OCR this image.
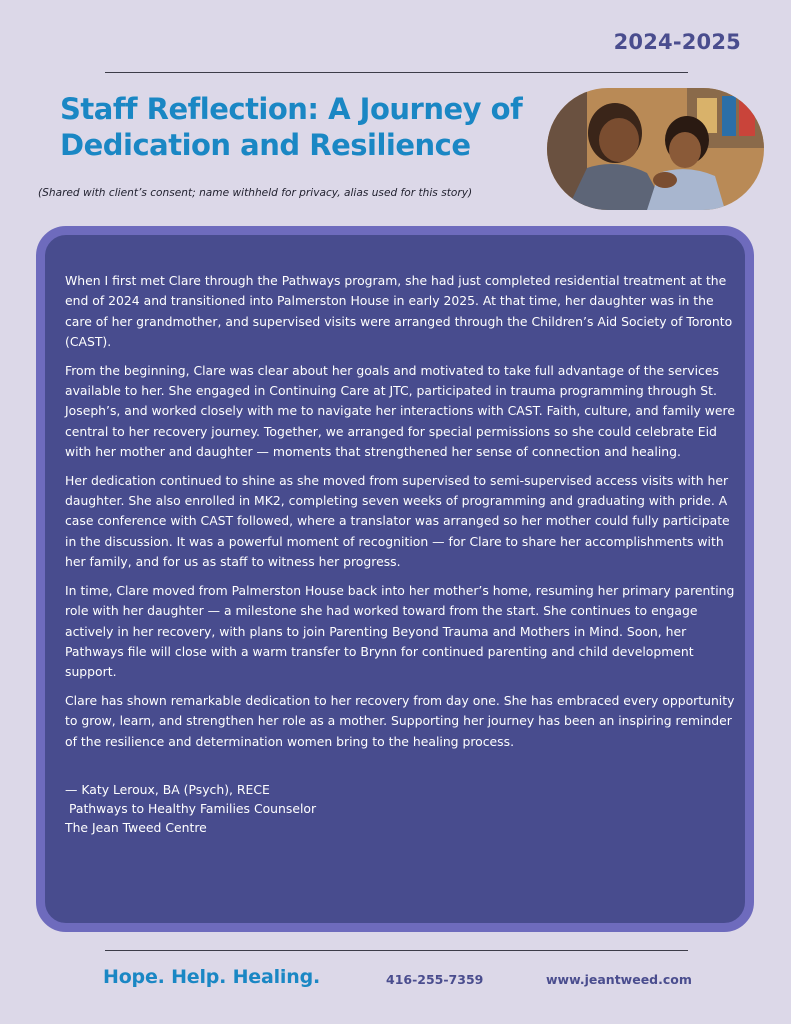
2024-2025
Staff Reflection: A Journey of
Dedication and Resilience
(Shared with client’s consent; name withheld for privacy, alias used for this story)

When I first met Clare through the Pathways program, she had just completed residential treatment at the end of 2024 and transitioned into Palmerston House in early 2025. At that time, her daughter was in the care of her grandmother, and supervised visits were arranged through the Children’s Aid Society of Toronto (CAST).

From the beginning, Clare was clear about her goals and motivated to take full advantage of the services available to her. She engaged in Continuing Care at JTC, participated in trauma programming through St. Joseph’s, and worked closely with me to navigate her interactions with CAST. Faith, culture, and family were central to her recovery journey. Together, we arranged for special permissions so she could celebrate Eid with her mother and daughter — moments that strengthened her sense of connection and healing.

Her dedication continued to shine as she moved from supervised to semi-supervised access visits with her daughter. She also enrolled in MK2, completing seven weeks of programming and graduating with pride. A case conference with CAST followed, where a translator was arranged so her mother could fully participate in the discussion. It was a powerful moment of recognition — for Clare to share her accomplishments with her family, and for us as staff to witness her progress.

In time, Clare moved from Palmerston House back into her mother’s home, resuming her primary parenting role with her daughter — a milestone she had worked toward from the start. She continues to engage actively in her recovery, with plans to join Parenting Beyond Trauma and Mothers in Mind. Soon, her Pathways file will close with a warm transfer to Brynn for continued parenting and child development support.

Clare has shown remarkable dedication to her recovery from day one. She has embraced every opportunity to grow, learn, and strengthen her role as a mother. Supporting her journey has been an inspiring reminder of the resilience and determination women bring to the healing process.

— Katy Leroux, BA (Psych), RECE
Pathways to Healthy Families Counselor
The Jean Tweed Centre
Hope. Help. Healing.	416-255-7359	www.jeantweed.com
